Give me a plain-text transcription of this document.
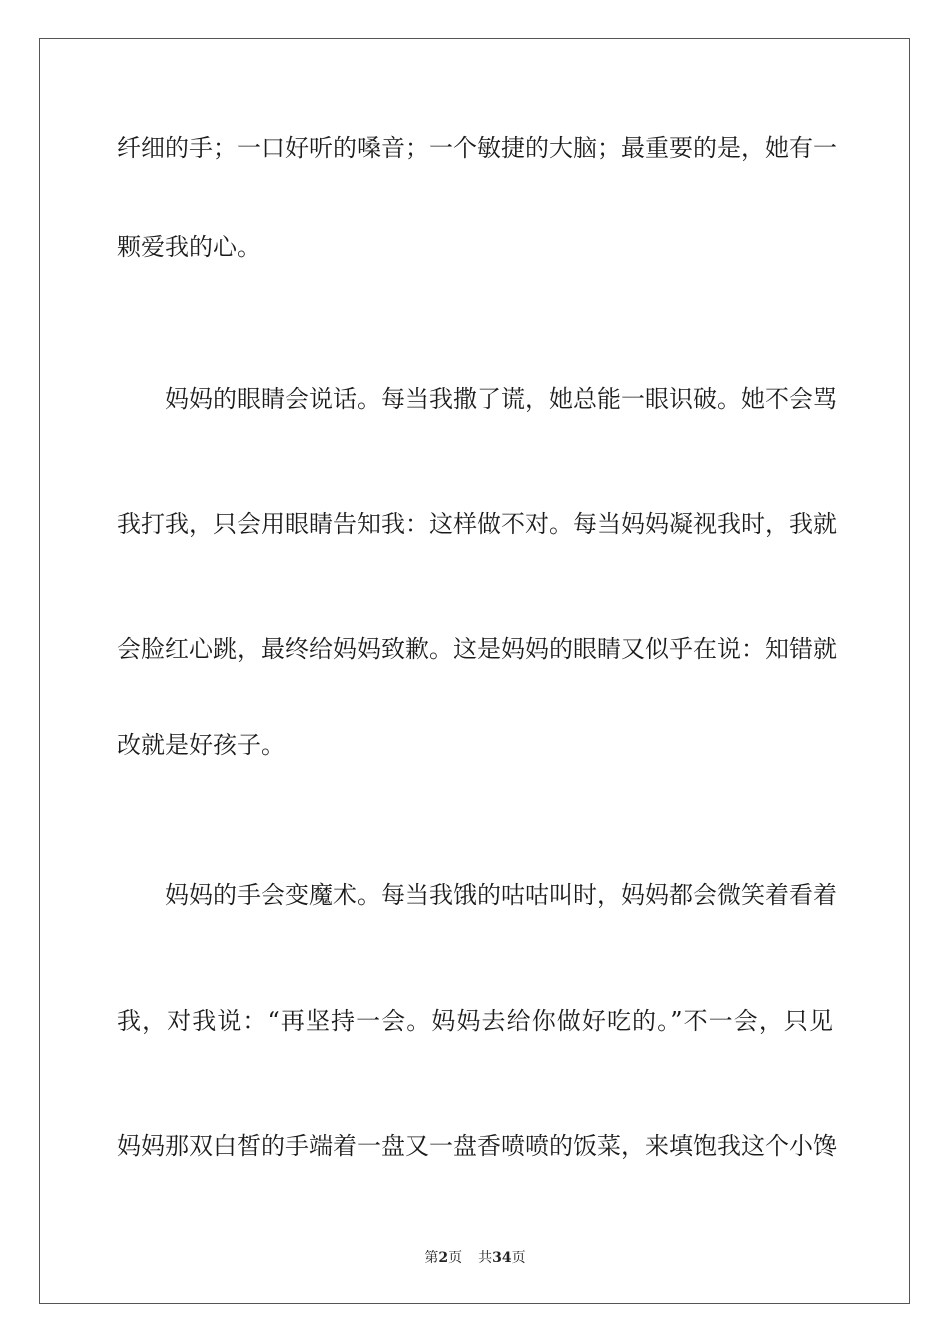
纤细的手；一口好听的嗓音；一个敏捷的大脑；最重要的是，她有一
颗爱我的心。
　　妈妈的眼睛会说话。每当我撒了谎，她总能一眼识破。她不会骂
我打我，只会用眼睛告知我：这样做不对。每当妈妈凝视我时，我就
会脸红心跳，最终给妈妈致歉。这是妈妈的眼睛又似乎在说：知错就
改就是好孩子。
　　妈妈的手会变魔术。每当我饿的咕咕叫时，妈妈都会微笑着看着
我，对我说：“再坚持一会。妈妈去给你做好吃的。”不一会，只见
妈妈那双白皙的手端着一盘又一盘香喷喷的饭菜，来填饱我这个小馋
第2页 共34页
